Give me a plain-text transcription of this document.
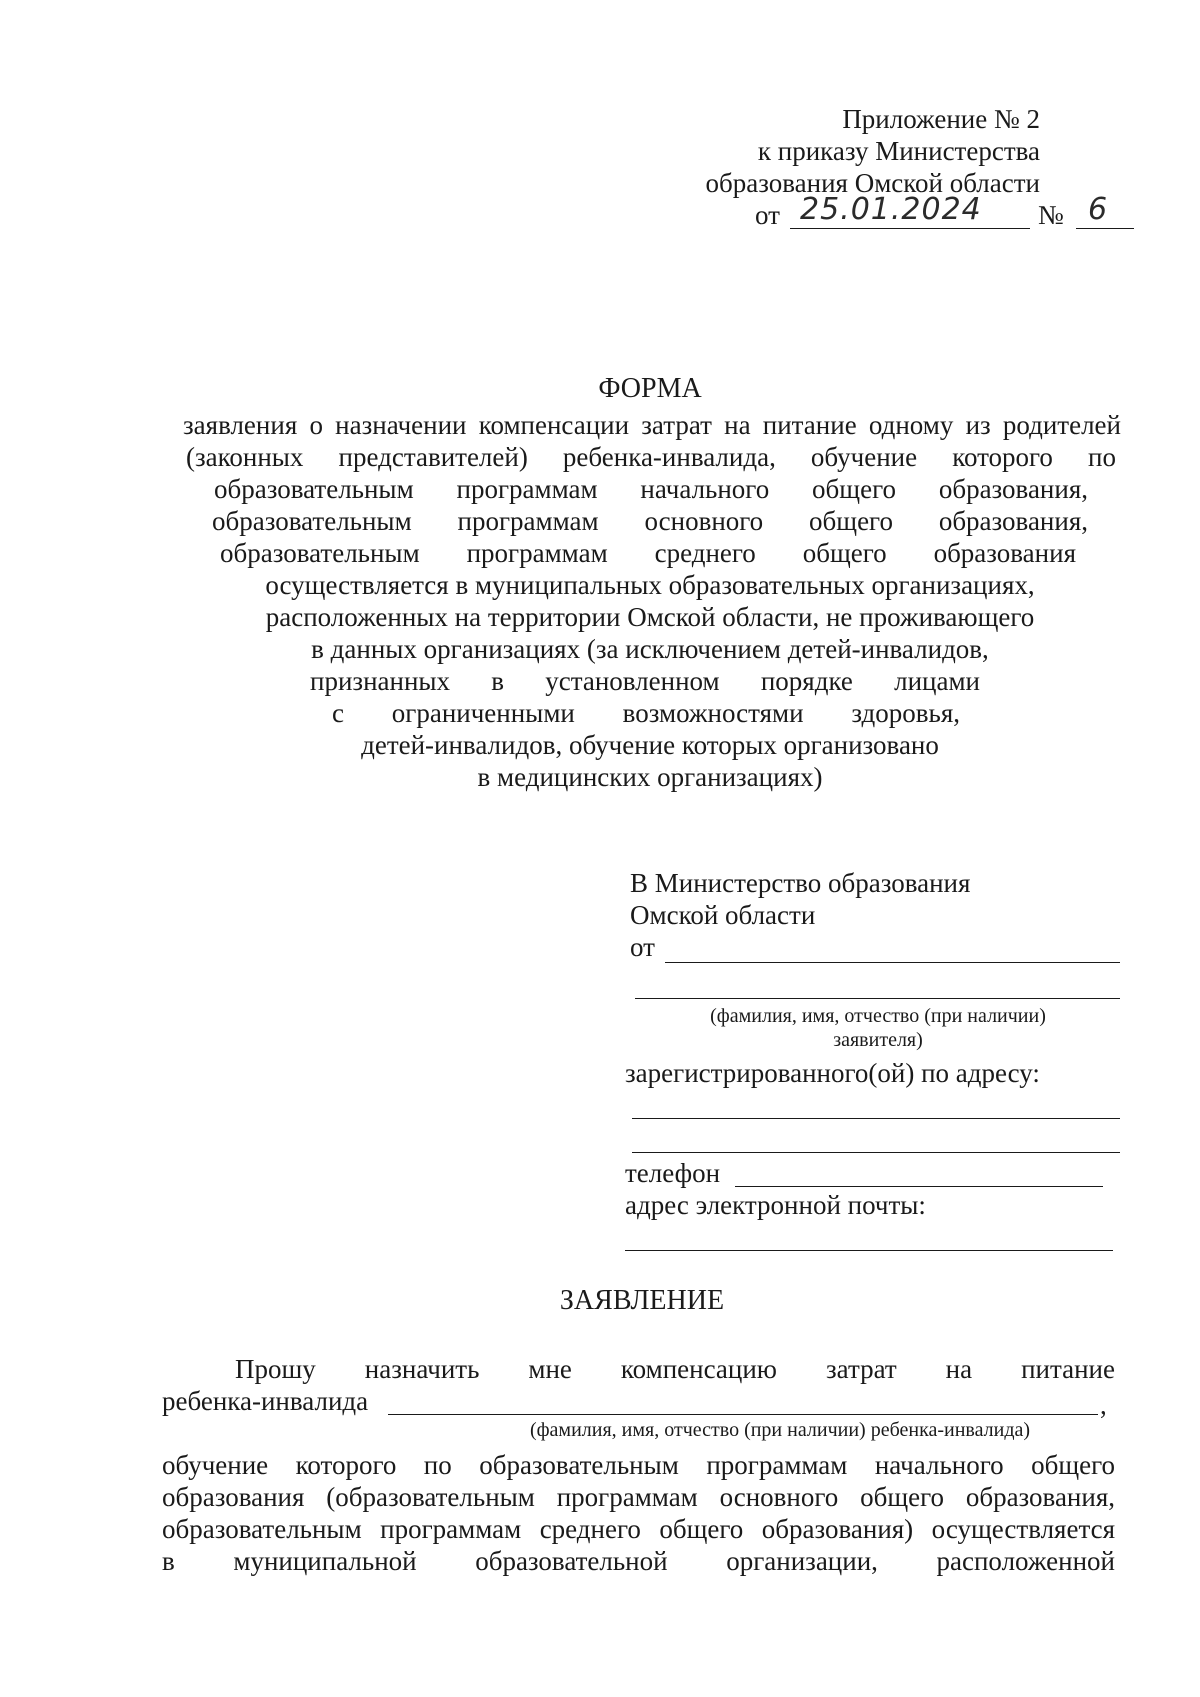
Приложение № 2
к приказу Министерства
образования Омской области
от 25.01.2024 № 6
ФОРМА
заявления о назначении компенсации затрат на питание одному из родителей
(законных представителей) ребенка-инвалида, обучение которого по
образовательным программам начального общего образования,
образовательным программам основного общего образования,
образовательным программам среднего общего образования
осуществляется в муниципальных образовательных организациях,
расположенных на территории Омской области, не проживающего
в данных организациях (за исключением детей-инвалидов,
признанных в установленном порядке лицами
с ограниченными возможностями здоровья,
детей-инвалидов, обучение которых организовано
в медицинских организациях)
В Министерство образования
Омской области
от
(фамилия, имя, отчество (при наличии)
заявителя)
зарегистрированного(ой) по адресу:
телефон
адрес электронной почты:
ЗАЯВЛЕНИЕ
Прошу назначить мне компенсацию затрат на питание
ребенка-инвалида	,
(фамилия, имя, отчество (при наличии) ребенка-инвалида)
обучение которого по образовательным программам начального общего
образования (образовательным программам основного общего образования,
образовательным программам среднего общего образования) осуществляется
в муниципальной образовательной организации, расположенной
